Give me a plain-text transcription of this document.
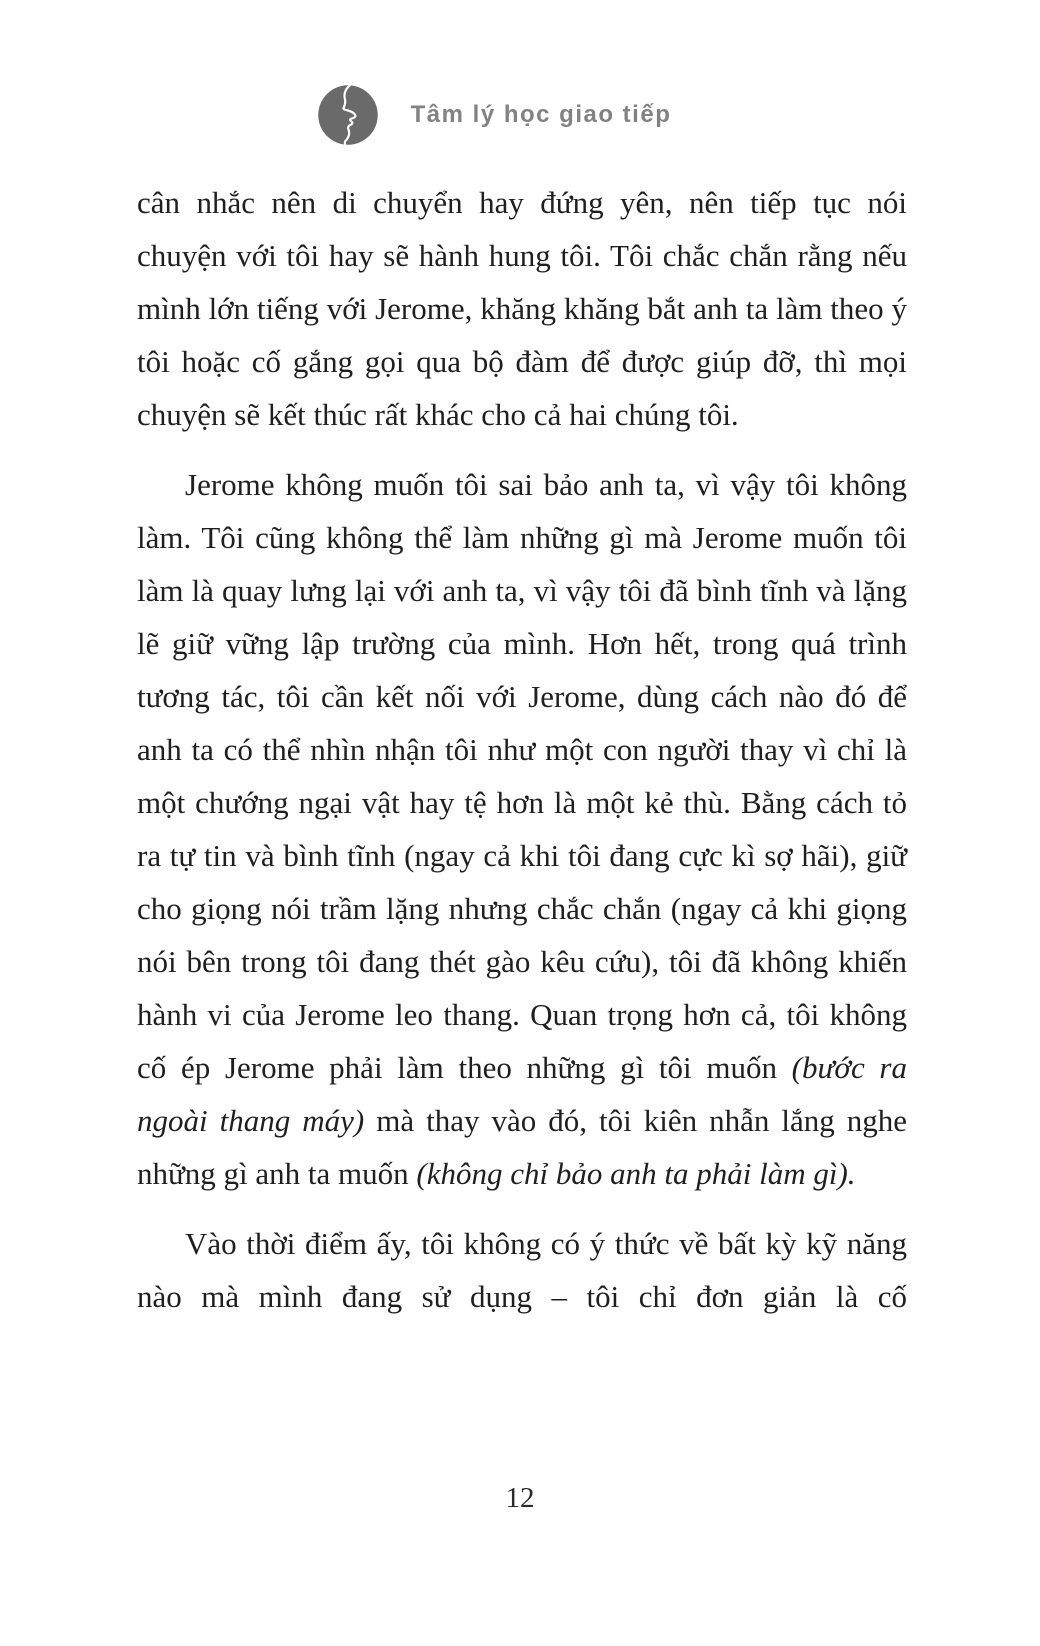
Tâm lý học giao tiếp

cân nhắc nên di chuyển hay đứng yên, nên tiếp tục nói chuyện với tôi hay sẽ hành hung tôi. Tôi chắc chắn rằng nếu mình lớn tiếng với Jerome, khăng khăng bắt anh ta làm theo ý tôi hoặc cố gắng gọi qua bộ đàm để được giúp đỡ, thì mọi chuyện sẽ kết thúc rất khác cho cả hai chúng tôi.

Jerome không muốn tôi sai bảo anh ta, vì vậy tôi không làm. Tôi cũng không thể làm những gì mà Jerome muốn tôi làm là quay lưng lại với anh ta, vì vậy tôi đã bình tĩnh và lặng lẽ giữ vững lập trường của mình. Hơn hết, trong quá trình tương tác, tôi cần kết nối với Jerome, dùng cách nào đó để anh ta có thể nhìn nhận tôi như một con người thay vì chỉ là một chướng ngại vật hay tệ hơn là một kẻ thù. Bằng cách tỏ ra tự tin và bình tĩnh (ngay cả khi tôi đang cực kì sợ hãi), giữ cho giọng nói trầm lặng nhưng chắc chắn (ngay cả khi giọng nói bên trong tôi đang thét gào kêu cứu), tôi đã không khiến hành vi của Jerome leo thang. Quan trọng hơn cả, tôi không cố ép Jerome phải làm theo những gì tôi muốn (bước ra ngoài thang máy) mà thay vào đó, tôi kiên nhẫn lắng nghe những gì anh ta muốn (không chỉ bảo anh ta phải làm gì).

Vào thời điểm ấy, tôi không có ý thức về bất kỳ kỹ năng nào mà mình đang sử dụng – tôi chỉ đơn giản là cố

12
